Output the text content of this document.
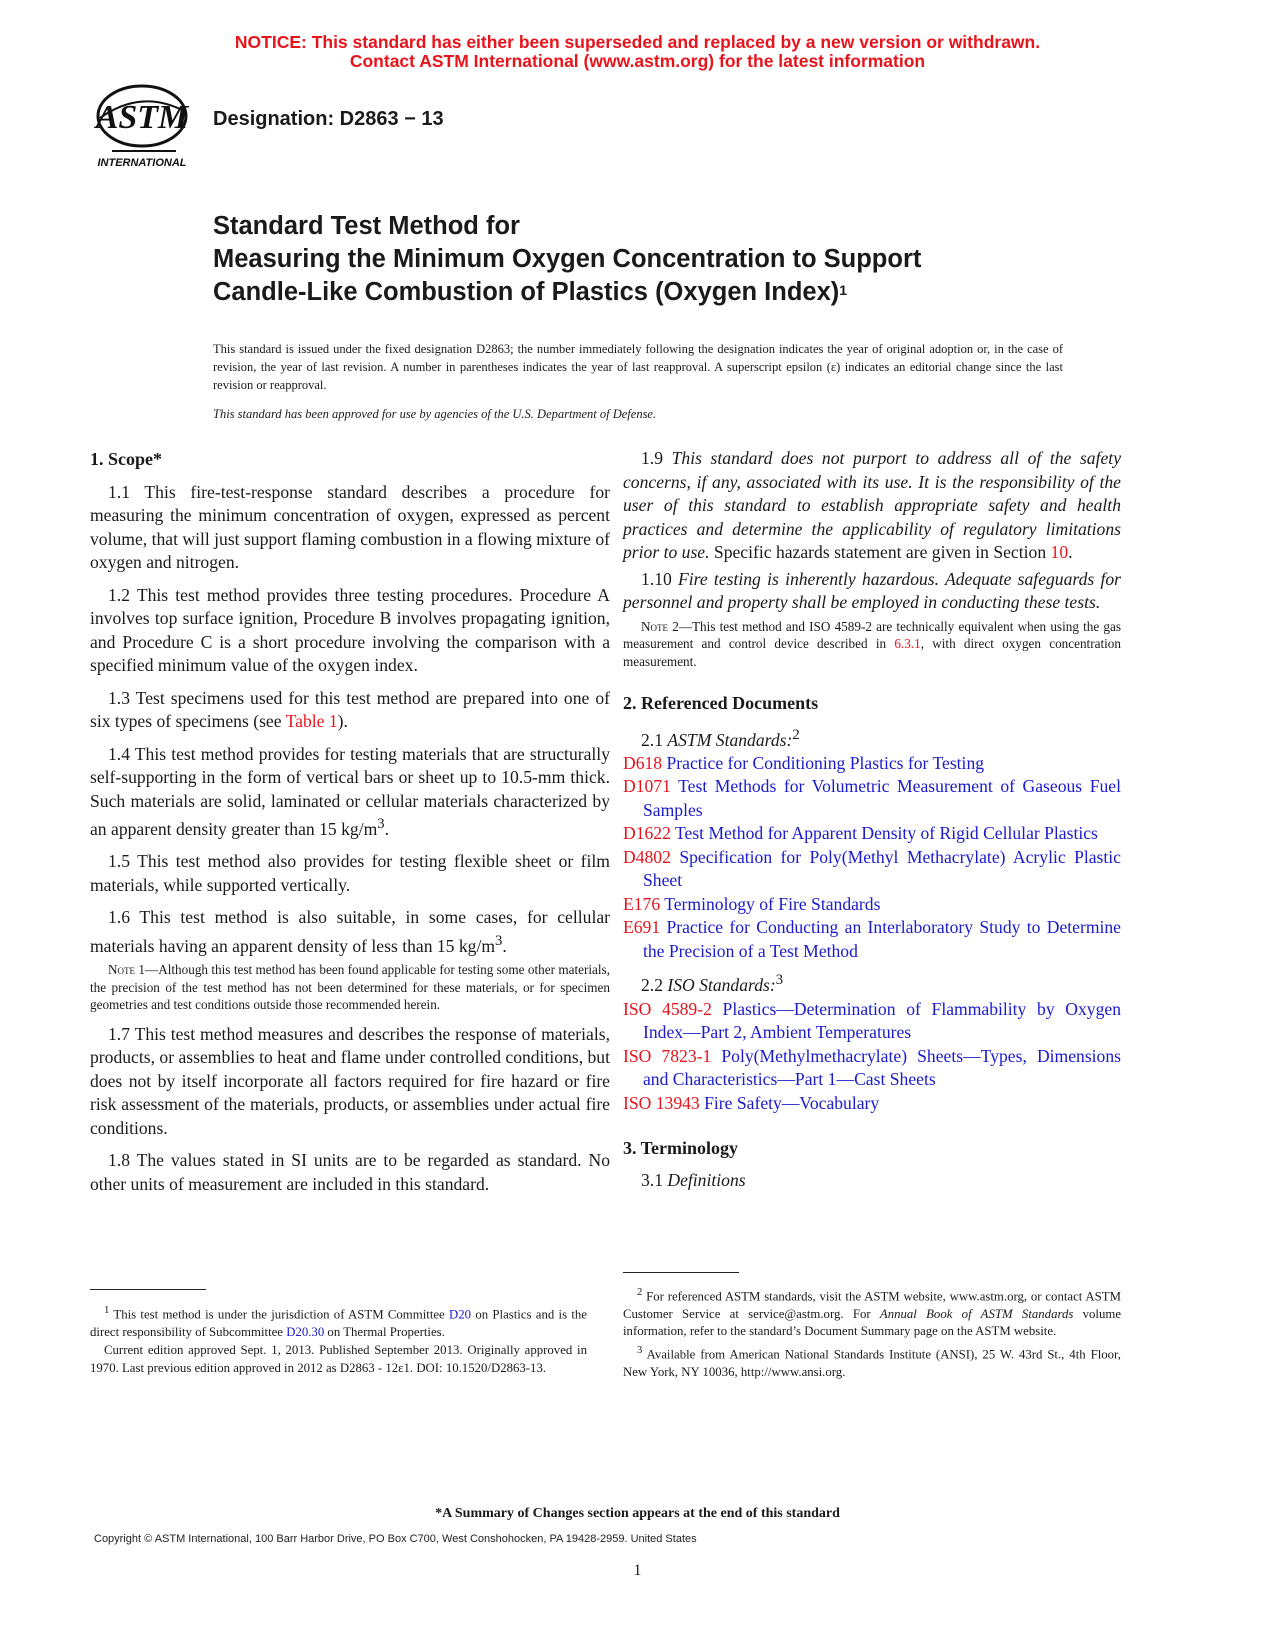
NOTICE: This standard has either been superseded and replaced by a new version or withdrawn.
Contact ASTM International (www.astm.org) for the latest information
ASTM
INTERNATIONAL
Designation: D2863 − 13
Standard Test Method for
Measuring the Minimum Oxygen Concentration to Support
Candle-Like Combustion of Plastics (Oxygen Index)$^1$
This standard is issued under the fixed designation D2863; the number immediately following the designation indicates the year of original adoption or, in the case of revision, the year of last revision. A number in parentheses indicates the year of last reapproval. A superscript epsilon (ε) indicates an editorial change since the last revision or reapproval.
This standard has been approved for use by agencies of the U.S. Department of Defense.

1. Scope*

1.1 This fire-test-response standard describes a procedure for measuring the minimum concentration of oxygen, expressed as percent volume, that will just support flaming combustion in a flowing mixture of oxygen and nitrogen.

1.2 This test method provides three testing procedures. Procedure A involves top surface ignition, Procedure B involves propagating ignition, and Procedure C is a short procedure involving the comparison with a specified minimum value of the oxygen index.

1.3 Test specimens used for this test method are prepared into one of six types of specimens (see Table 1).

1.4 This test method provides for testing materials that are structurally self-supporting in the form of vertical bars or sheet up to 10.5-mm thick. Such materials are solid, laminated or cellular materials characterized by an apparent density greater than 15 $kg/m^3$.

1.5 This test method also provides for testing flexible sheet or film materials, while supported vertically.

1.6 This test method is also suitable, in some cases, for cellular materials having an apparent density of less than 15 $kg/m^3$.

Note 1—Although this test method has been found applicable for testing some other materials, the precision of the test method has not been determined for these materials, or for specimen geometries and test conditions outside those recommended herein.

1.7 This test method measures and describes the response of materials, products, or assemblies to heat and flame under controlled conditions, but does not by itself incorporate all factors required for fire hazard or fire risk assessment of the materials, products, or assemblies under actual fire conditions.

1.8 The values stated in SI units are to be regarded as standard. No other units of measurement are included in this standard.

1.9 This standard does not purport to address all of the safety concerns, if any, associated with its use. It is the responsibility of the user of this standard to establish appropriate safety and health practices and determine the applicability of regulatory limitations prior to use. Specific hazards statement are given in Section 10.

1.10 Fire testing is inherently hazardous. Adequate safeguards for personnel and property shall be employed in conducting these tests.

Note 2—This test method and ISO 4589-2 are technically equivalent when using the gas measurement and control device described in 6.3.1, with direct oxygen concentration measurement.

2. Referenced Documents

2.1 ASTM Standards:$^2$

D618 Practice for Conditioning Plastics for Testing

D1071 Test Methods for Volumetric Measurement of Gaseous Fuel Samples

D1622 Test Method for Apparent Density of Rigid Cellular Plastics

D4802 Specification for Poly(Methyl Methacrylate) Acrylic Plastic Sheet

E176 Terminology of Fire Standards

E691 Practice for Conducting an Interlaboratory Study to Determine the Precision of a Test Method

2.2 ISO Standards:$^3$

ISO 4589-2 Plastics—Determination of Flammability by Oxygen Index—Part 2, Ambient Temperatures

ISO 7823-1 Poly(Methylmethacrylate) Sheets—Types, Dimensions and Characteristics—Part 1—Cast Sheets

ISO 13943 Fire Safety—Vocabulary

3. Terminology

3.1 Definitions

$^1$ This test method is under the jurisdiction of ASTM Committee D20 on Plastics and is the direct responsibility of Subcommittee D20.30 on Thermal Properties.

Current edition approved Sept. 1, 2013. Published September 2013. Originally approved in 1970. Last previous edition approved in 2012 as D2863 - 12ε1. DOI: 10.1520/D2863-13.

$^2$ For referenced ASTM standards, visit the ASTM website, www.astm.org, or contact ASTM Customer Service at service@astm.org. For Annual Book of ASTM Standards volume information, refer to the standard’s Document Summary page on the ASTM website.

$^3$ Available from American National Standards Institute (ANSI), 25 W. 43rd St., 4th Floor, New York, NY 10036, http://www.ansi.org.

*A Summary of Changes section appears at the end of this standard
Copyright © ASTM International, 100 Barr Harbor Drive, PO Box C700, West Conshohocken, PA 19428-2959. United States
1
